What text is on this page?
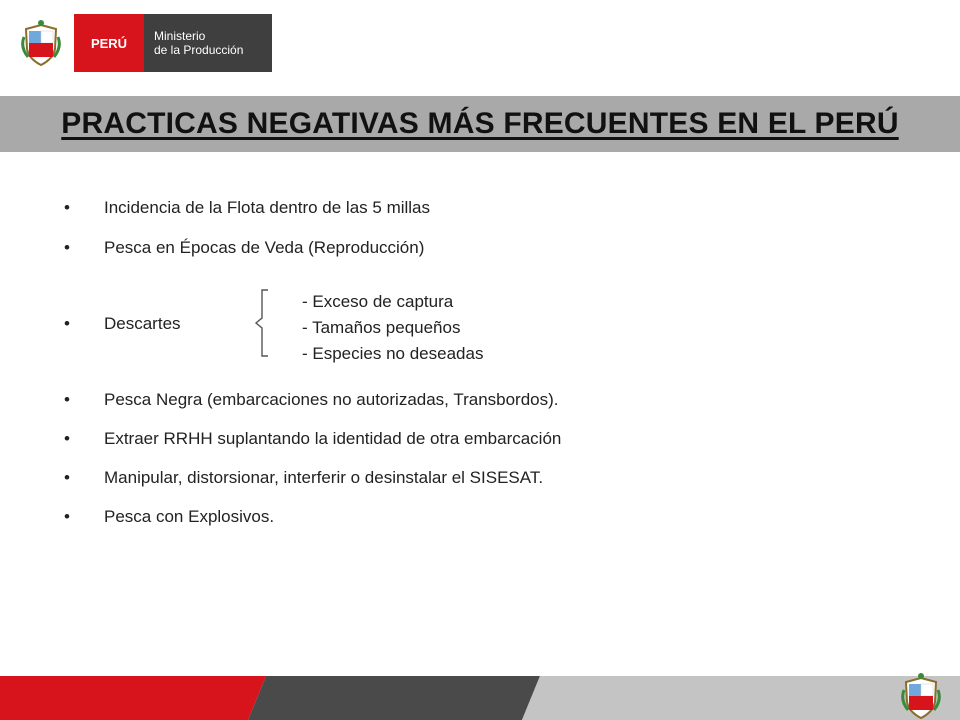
PERÚ	Ministerio
de la Producción
PRACTICAS NEGATIVAS MÁS FRECUENTES EN EL PERÚ
•	Incidencia de la Flota dentro de las 5 millas
•	Pesca en Épocas de Veda (Reproducción)
•	Descartes
- Exceso de captura
- Tamaños pequeños
- Especies no deseadas
•	Pesca Negra (embarcaciones no autorizadas, Transbordos).
•	Extraer RRHH suplantando la identidad de otra embarcación
•	Manipular, distorsionar, interferir o desinstalar el SISESAT.
•	Pesca con Explosivos.
